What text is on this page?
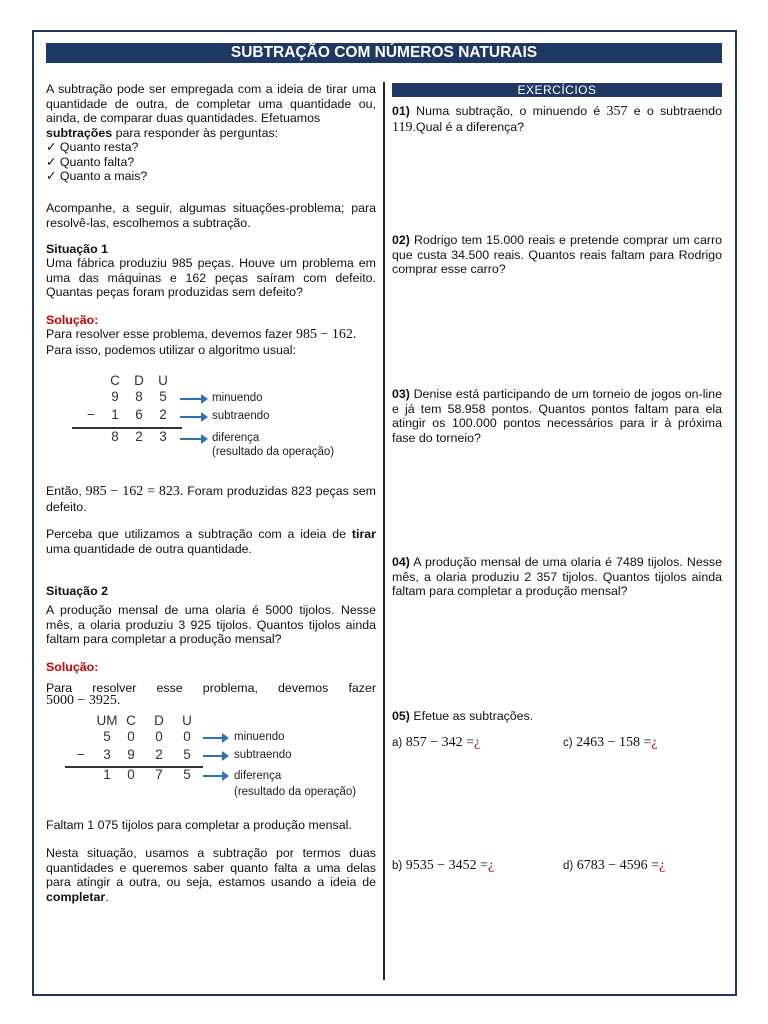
SUBTRAÇÃO COM NÚMEROS NATURAIS
A subtração pode ser empregada com a ideia de tirar uma quantidade de outra, de completar uma quantidade ou, ainda, de comparar duas quantidades. Efetuamos
subtrações para responder às perguntas:
✓ Quanto resta?
✓ Quanto falta?
✓ Quanto a mais?
Acompanhe, a seguir, algumas situações-problema; para resolvê-las, escolhemos a subtração.
Situação 1
Uma fábrica produziu 985 peças. Houve um problema em uma das máquinas e 162 peças saíram com defeito. Quantas peças foram produzidas sem defeito?
Solução:
Para resolver esse problema, devemos fazer 985 − 162.
Para isso, podemos utilizar o algoritmo usual:
C D U
9 8 5
− 1 6 2
8 2 3
minuendo
subtraendo
diferença
(resultado da operação)
Então, 985 − 162 = 823. Foram produzidas 823 peças sem defeito.
Perceba que utilizamos a subtração com a ideia de tirar uma quantidade de outra quantidade.
Situação 2
A produção mensal de uma olaria é 5000 tijolos. Nesse mês, a olaria produziu 3 925 tijolos. Quantos tijolos ainda faltam para completar a produção mensal?
Solução:
Para resolver esse problema, devemos fazer
5000 − 3925.
UM C D U
5 0 0 0
− 3 9 2 5
1 0 7 5
minuendo
subtraendo
diferença
(resultado da operação)
Faltam 1 075 tijolos para completar a produção mensal.
Nesta situação, usamos a subtração por termos duas quantidades e queremos saber quanto falta a uma delas para atingir a outra, ou seja, estamos usando a ideia de completar.
EXERCÍCIOS
01) Numa subtração, o minuendo é 357 e o subtraendo 119.Qual é a diferença?
02) Rodrigo tem 15.000 reais e pretende comprar um carro que custa 34.500 reais. Quantos reais faltam para Rodrigo comprar esse carro?
03) Denise está participando de um torneio de jogos on-line e já tem 58.958 pontos. Quantos pontos faltam para ela atingir os 100.000 pontos necessários para ir à próxima fase do torneio?
04) A produção mensal de uma olaria é 7489 tijolos. Nesse mês, a olaria produziu 2 357 tijolos. Quantos tijolos ainda faltam para completar a produção mensal?
05) Efetue as subtrações.
a) 857 − 342 =¿	c) 2463 − 158 =¿
b) 9535 − 3452 =¿	d) 6783 − 4596 =¿
